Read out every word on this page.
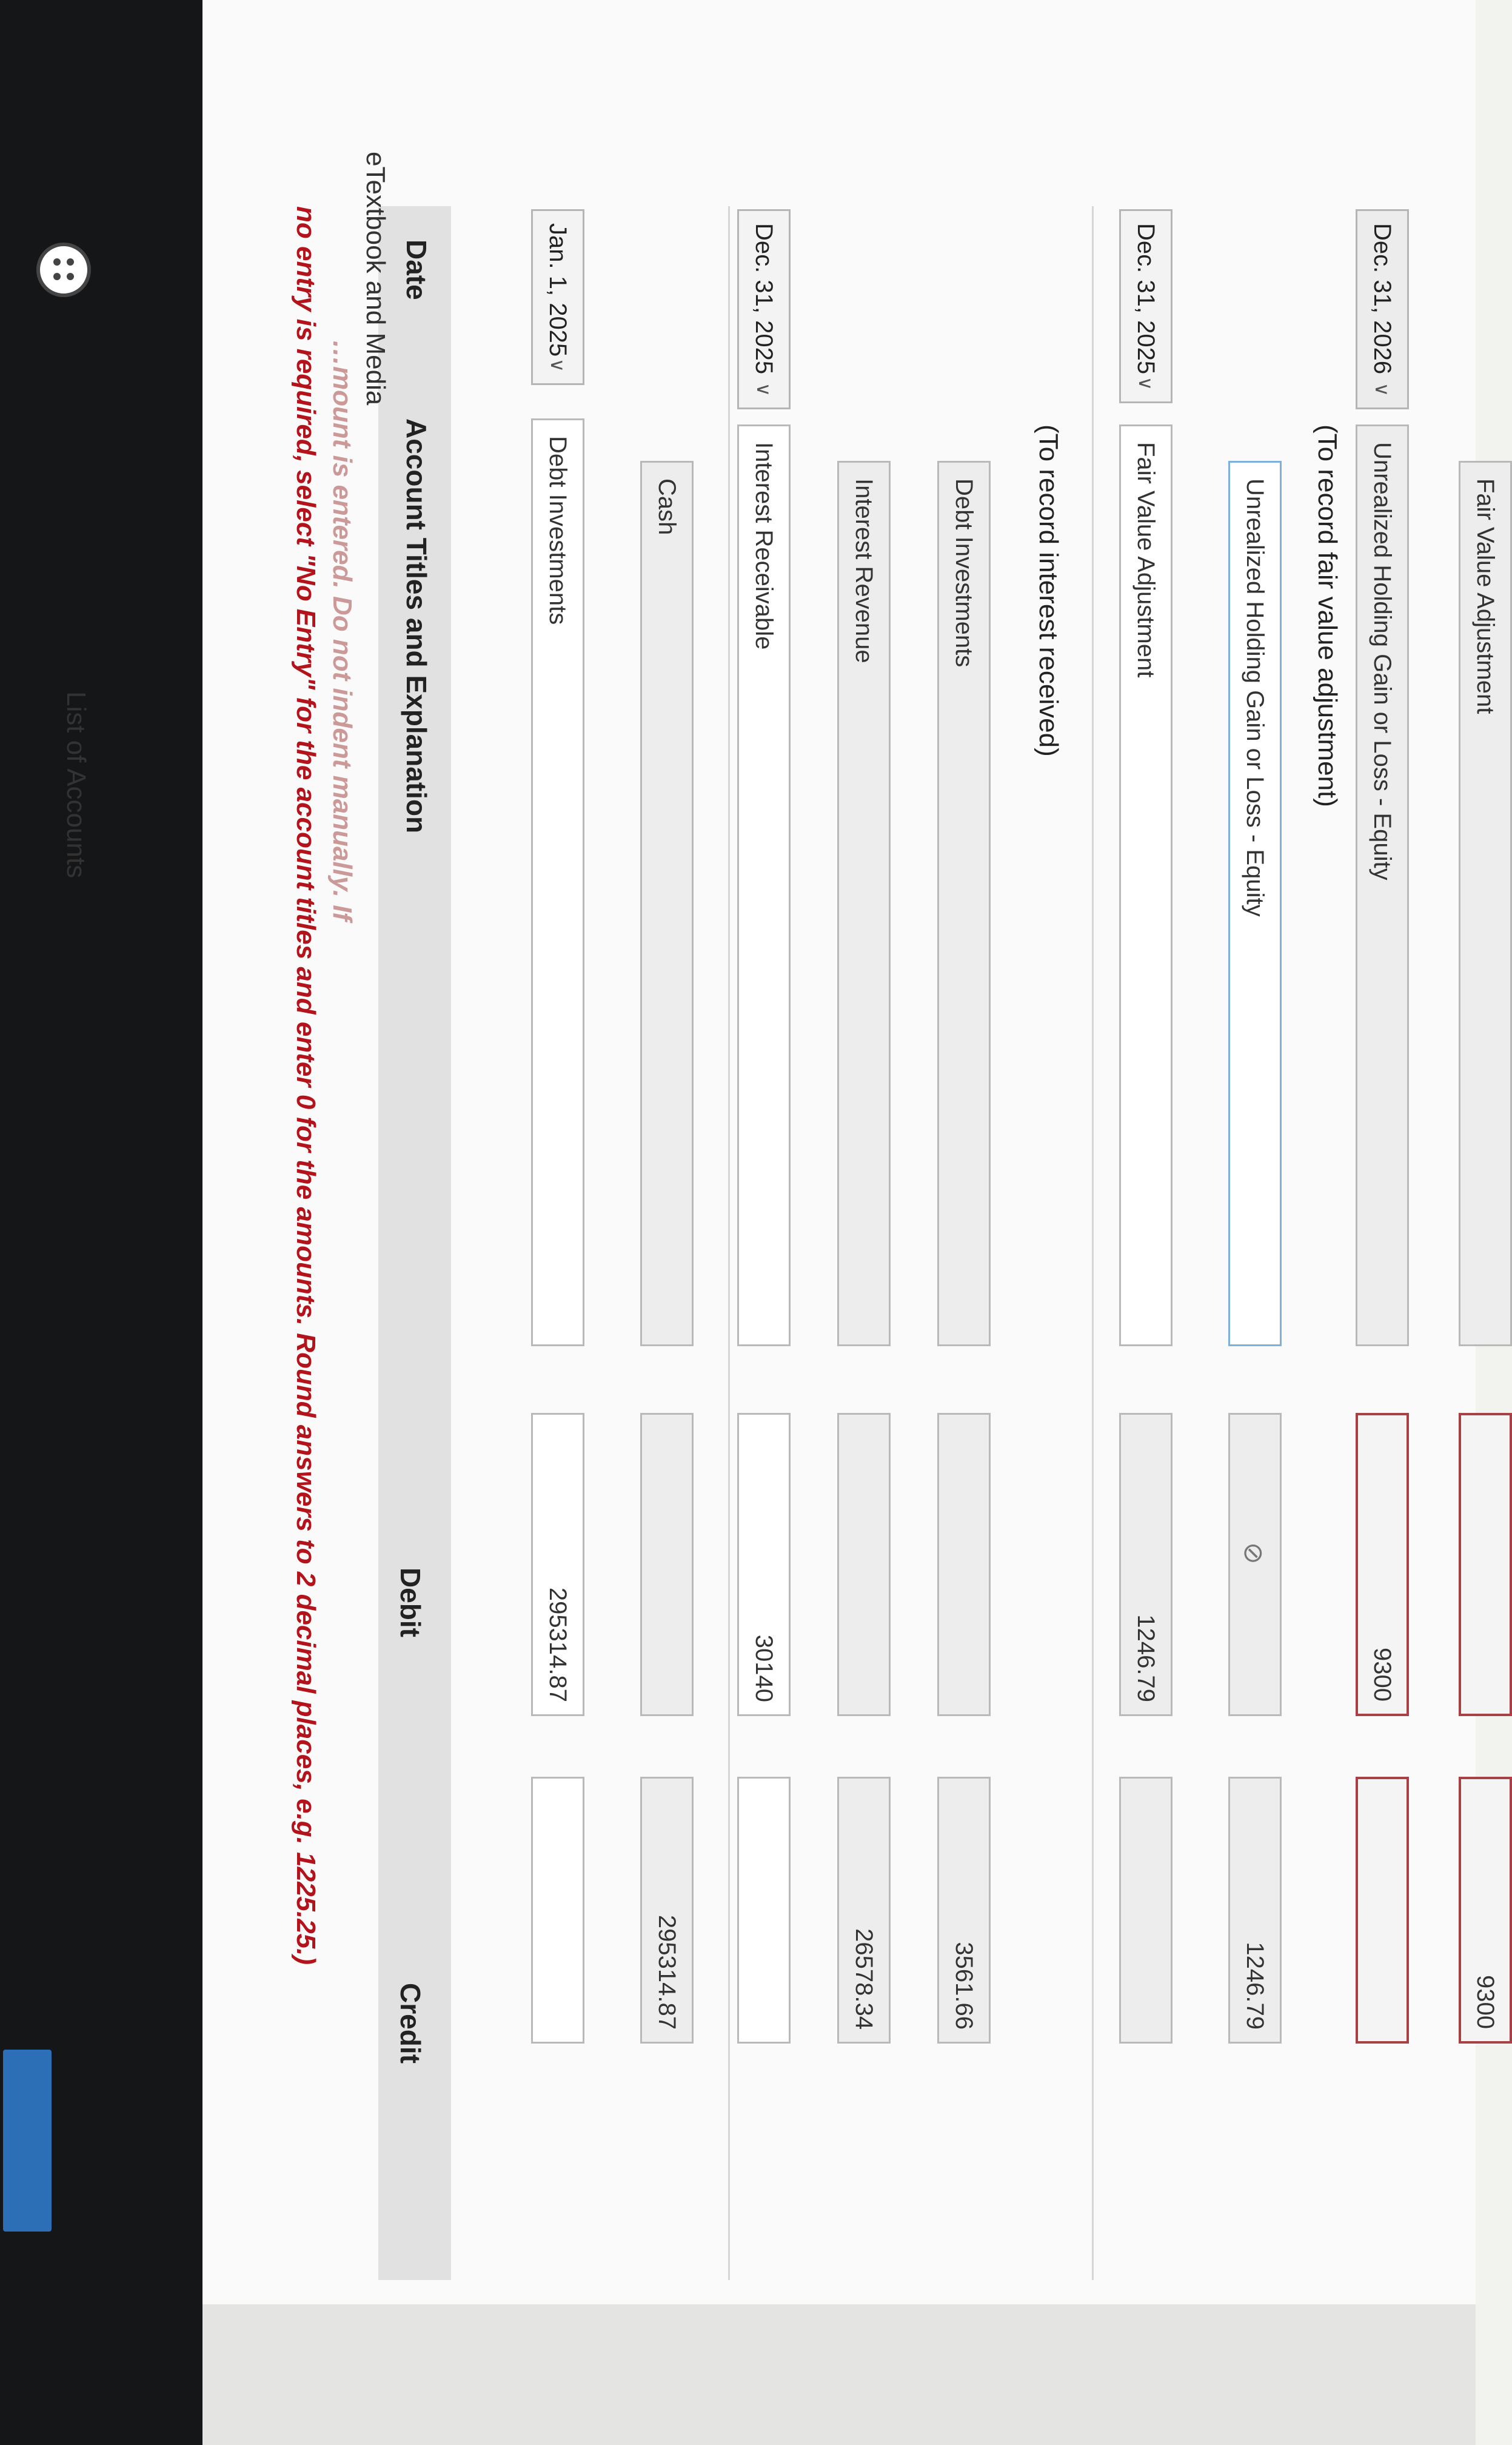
…mount is entered. Do not indent manually. If
no entry is required, select "No Entry" for the account titles and enter 0 for the amounts. Round answers to 2 decimal places, e.g. 1225.25.)	Date
Account Titles and Explanation
Debit
Credit
Jan. 1, 2025
∨
Debt Investments
295314.87
Cash
295314.87
Dec. 31, 2025
∨
Interest Receivable
30140
Interest Revenue
26578.34
Debt Investments
3561.66
(To record interest received)
Dec. 31, 2025
∨
Fair Value Adjustment
1246.79
Unrealized Holding Gain or Loss - Equity
⊘
1246.79
(To record fair value adjustment)
Dec. 31, 2026
∨
Unrealized Holding Gain or Loss - Equity
9300
Fair Value Adjustment
9300
eTextbook and Media
List of Accounts
